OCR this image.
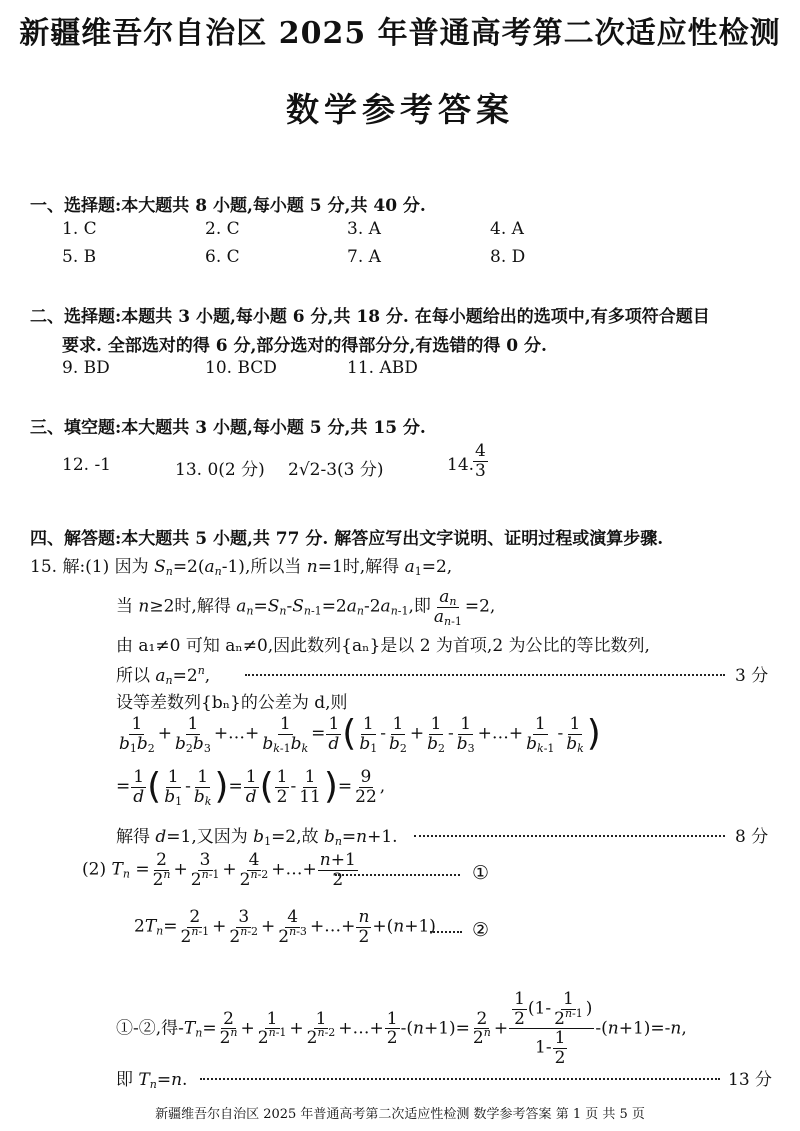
新疆维吾尔自治区 2025 年普通高考第二次适应性检测
数学参考答案
一、选择题:本大题共 8 小题,每小题 5 分,共 40 分.
1. C	2. C	3. A	4. A
5. B	6. C	7. A	8. D
二、选择题:本题共 3 小题,每小题 6 分,共 18 分. 在每小题给出的选项中,有多项符合题目
要求. 全部选对的得 6 分,部分选对的得部分分,有选错的得 0 分.
9. BD	10. BCD	11. ABD
三、填空题:本大题共 3 小题,每小题 5 分,共 15 分.
12. -1	13. 0(2 分) 2√2-3(3 分)	14.
$\frac{4}{3}$
四、解答题:本大题共 5 小题,共 77 分. 解答应写出文字说明、证明过程或演算步骤.
15. 解:(1) 因为 $S_n=2(a_n-1)$,所以当 n=1时,解得 $a_1=2$,
当 n≥2时,解得 $a_n=S_n-S_{n-1}=2a_n-2a_{n-1}$,即 $\frac{a_n}{a_{n-1}} =2$,
由 a₁≠0 可知 aₙ≠0,因此数列{aₙ}是以 2 为首项,2 为公比的等比数列,
所以 $a_n=2^n$,	3 分
设等差数列{bₙ}的公差为 d,则
$\frac{1}{b_1b_2} + \frac{1}{b_2b_3}$ +…+ $\frac{1}{b_{k-1}b_k} = \frac{1}{d}$ ( $\frac{1}{b_1} - \frac{1}{b_2} + \frac{1}{b_2} - \frac{1}{b_3}$ +…+ $\frac{1}{b_{k-1}} - \frac{1}{b_k}$ )
= $\frac{1}{d}$ ( $\frac{1}{b_1} - \frac{1}{b_k}$ )= $\frac{1}{d}$ ( $\frac{1}{2} - \frac{1}{11}$ )= $\frac{9}{22}$ ,
解得 d=1,又因为 $b_1=2$,故 $b_n=n+1$.	8 分
(2) $T_n = \frac{2}{2^n} + \frac{3}{2^{n-1}} + \frac{4}{2^{n-2}}$ +…+ $\frac{n+1}{2}$	①
$2T_n= \frac{2}{2^{n-1}} + \frac{3}{2^{n-2}} + \frac{4}{2^{n-3}}$ +…+ $\frac{n}{2} +(n+1)$ ②
①-②,得$-T_n= \frac{2}{2^n} + \frac{1}{2^{n-1}} + \frac{1}{2^{n-2}}$ +…+ $\frac{1}{2} -(n+1)= \frac{2}{2^n} + \frac{\frac{1}{2} (1- \frac{1}{2^{n-1}} )}{1- \frac{1}{2}} -(n+1)=-n$,
即 $T_n=n$.	13 分
新疆维吾尔自治区 2025 年普通高考第二次适应性检测 数学参考答案 第 1 页 共 5 页
